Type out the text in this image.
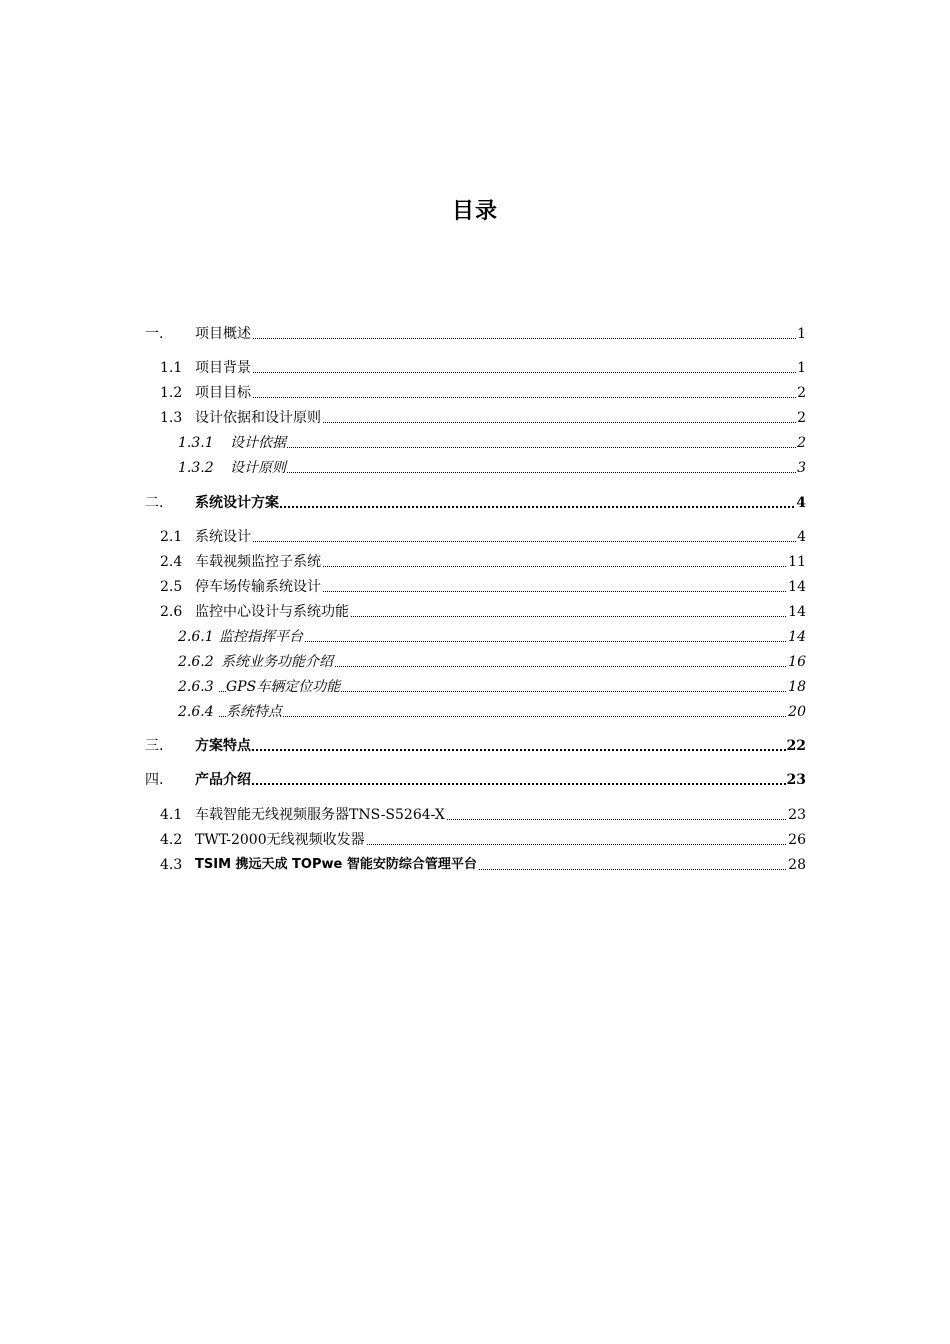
目录
一. 项目概述	1
1.1 项目背景	1
1.2 项目目标	2
1.3 设计依据和设计原则	2
1.3.1 设计依据	2
1.3.2 设计原则	3
二. 系统设计方案	4
2.1 系统设计	4
2.4 车载视频监控子系统	11
2.5 停车场传输系统设计	14
2.6 监控中心设计与系统功能	14
2.6.1 监控指挥平台	14
2.6.2 系统业务功能介绍	16
2.6.3 GPS车辆定位功能	18
2.6.4 系统特点	20
三. 方案特点	22
四. 产品介绍	23
4.1 车载智能无线视频服务器TNS-S5264-X	23
4.2 TWT-2000无线视频收发器	26
4.3 TSIM 携远天成 TOPwe 智能安防综合管理平台	28
